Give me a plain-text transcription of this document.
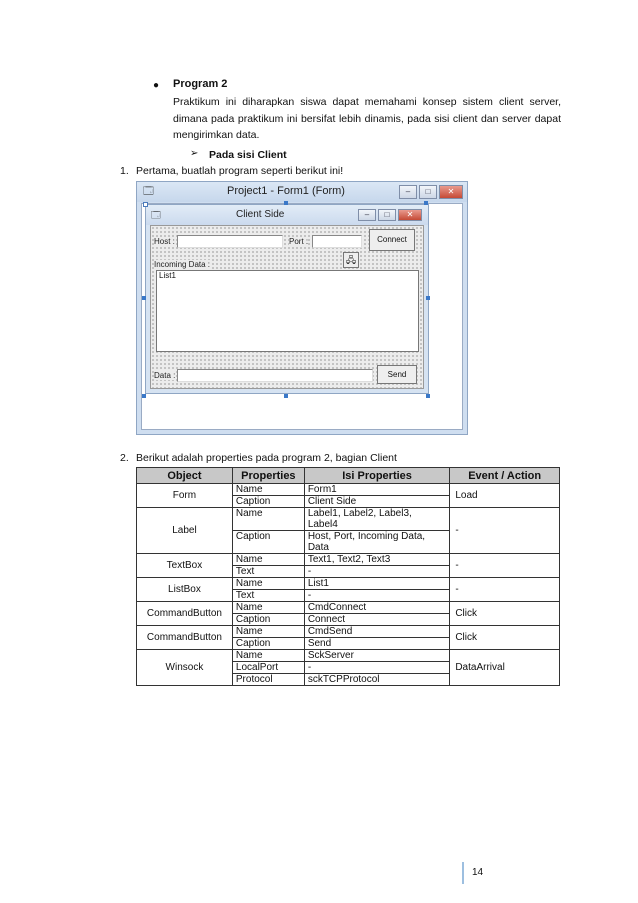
● Program 2
Praktikum ini diharapkan siswa dapat memahami konsep sistem client server, dimana pada praktikum ini bersifat lebih dinamis, pada sisi client dan server dapat mengirimkan data.
➢ Pada sisi Client
1. Pertama, buatlah program seperti berikut ini!
🗔	Project1 - Form1 (Form)	–	□	✕
🗔	Client Side	–	□	✕
Host :	Port :	Connect
🖧
Incoming Data :
List1
Data :	Send
2. Berikut adalah properties pada program 2, bagian Client
Object	Properties	Isi Properties	Event / Action
Form	Name	Form1	Load
	Caption	Client Side	
Label	Name	Label1, Label2, Label3, Label4	-
	Caption	Host, Port, Incoming Data, Data	
TextBox	Name	Text1, Text2, Text3	-
	Text	-	
ListBox	Name	List1	-
	Text	-	
CommandButton	Name	CmdConnect	Click
	Caption	Connect	
CommandButton	Name	CmdSend	Click
	Caption	Send	
Winsock	Name	SckServer	DataArrival
	LocalPort	-	
	Protocol	sckTCPProtocol	
14
